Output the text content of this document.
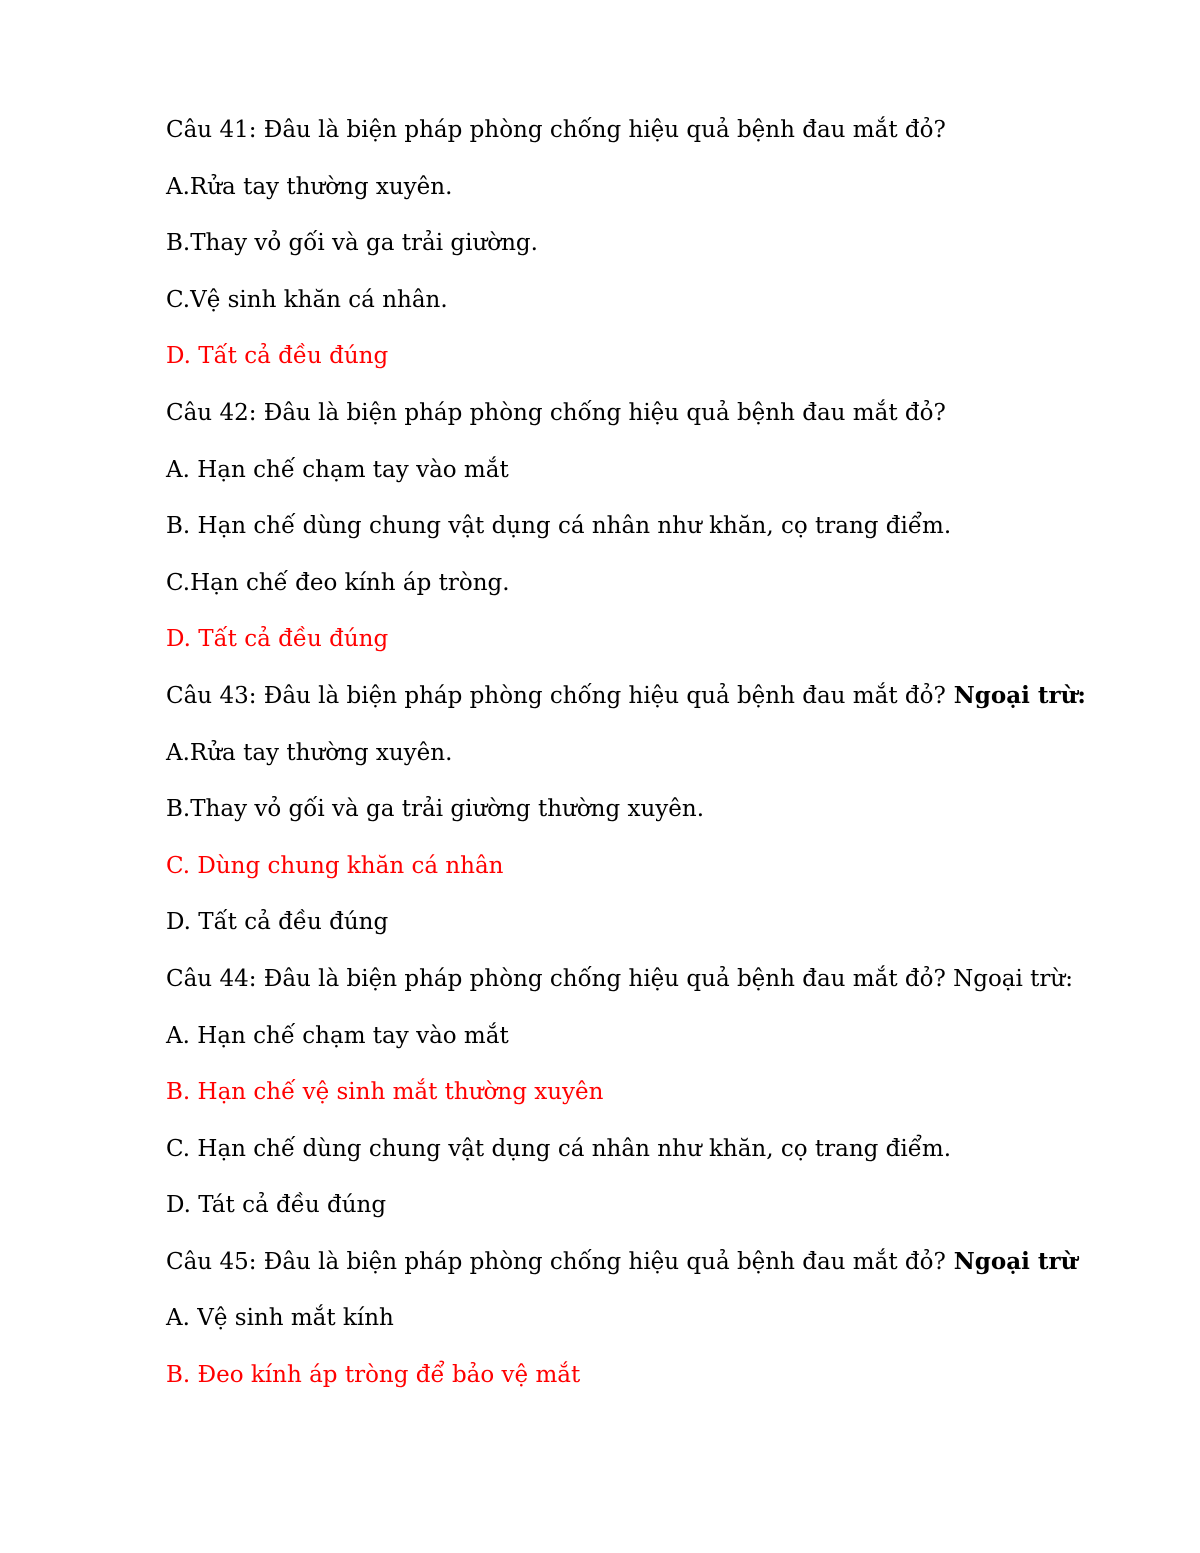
Câu 41: Đâu là biện pháp phòng chống hiệu quả bệnh đau mắt đỏ?
A.Rửa tay thường xuyên.
B.Thay vỏ gối và ga trải giường.
C.Vệ sinh khăn cá nhân.
D. Tất cả đều đúng
Câu 42: Đâu là biện pháp phòng chống hiệu quả bệnh đau mắt đỏ?
A. Hạn chế chạm tay vào mắt
B. Hạn chế dùng chung vật dụng cá nhân như khăn, cọ trang điểm.
C.Hạn chế đeo kính áp tròng.
D. Tất cả đều đúng
Câu 43: Đâu là biện pháp phòng chống hiệu quả bệnh đau mắt đỏ? Ngoại trừ:
A.Rửa tay thường xuyên.
B.Thay vỏ gối và ga trải giường thường xuyên.
C. Dùng chung khăn cá nhân
D. Tất cả đều đúng
Câu 44: Đâu là biện pháp phòng chống hiệu quả bệnh đau mắt đỏ? Ngoại trừ:
A. Hạn chế chạm tay vào mắt
B. Hạn chế vệ sinh mắt thường xuyên
C. Hạn chế dùng chung vật dụng cá nhân như khăn, cọ trang điểm.
D. Tát cả đều đúng
Câu 45: Đâu là biện pháp phòng chống hiệu quả bệnh đau mắt đỏ? Ngoại trừ
A. Vệ sinh mắt kính
B. Đeo kính áp tròng để bảo vệ mắt
